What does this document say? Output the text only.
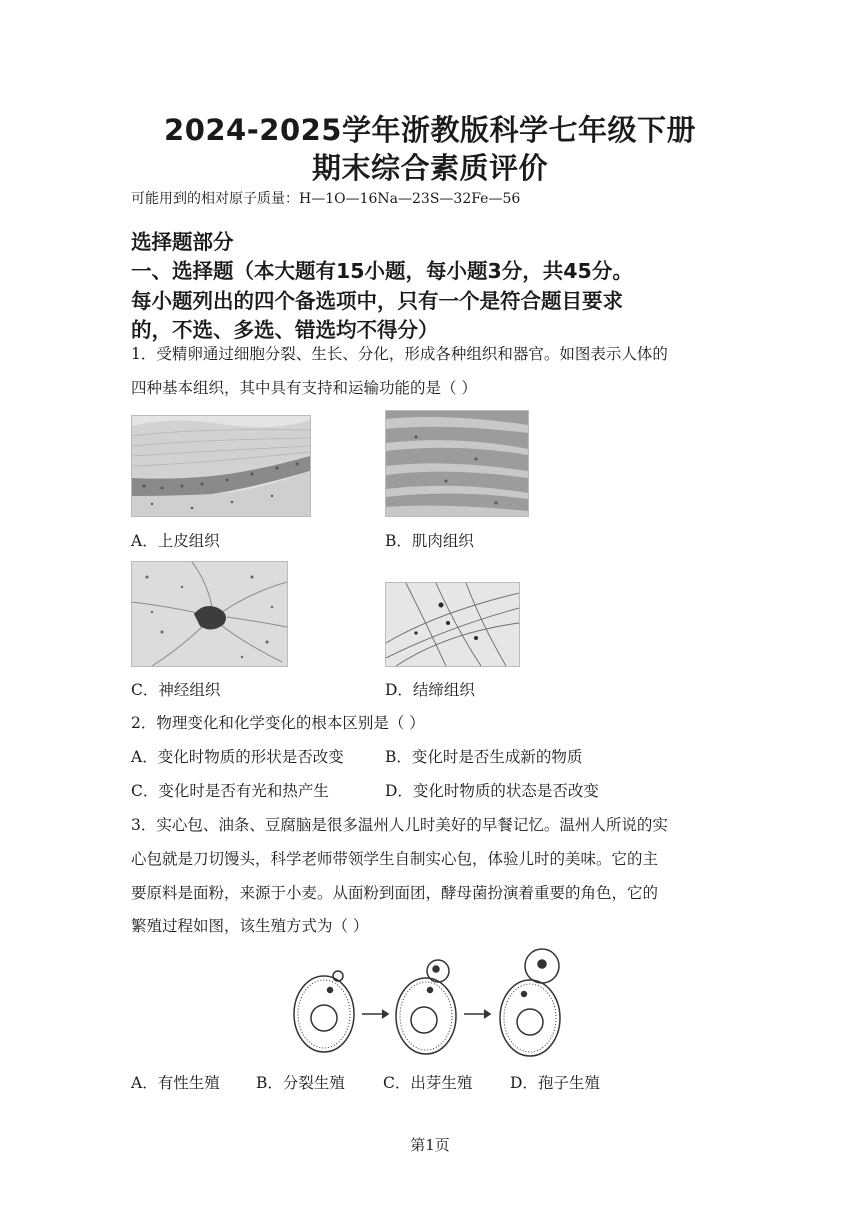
2024-2025学年浙教版科学七年级下册
期末综合素质评价
可能用到的相对原子质量：H—1O—16Na—23S—32Fe—56
选择题部分
一、选择题（本大题有15小题，每小题3分，共45分。
每小题列出的四个备选项中，只有一个是符合题目要求
的，不选、多选、错选均不得分）
1．受精卵通过细胞分裂、生长、分化，形成各种组织和器官。如图表示人体的
四种基本组织，其中具有支持和运输功能的是（ ）
A．上皮组织	B．肌肉组织
C．神经组织	D．结缔组织
2．物理变化和化学变化的根本区别是（ ）
A．变化时物质的形状是否改变	B．变化时是否生成新的物质
C．变化时是否有光和热产生	D．变化时物质的状态是否改变
3．实心包、油条、豆腐脑是很多温州人儿时美好的早餐记忆。温州人所说的实
心包就是刀切馒头，科学老师带领学生自制实心包，体验儿时的美味。它的主
要原料是面粉，来源于小麦。从面粉到面团，酵母菌扮演着重要的角色，它的
繁殖过程如图，该生殖方式为（ ）
A．有性生殖 B．分裂生殖 C．出芽生殖 D．孢子生殖
第1页
